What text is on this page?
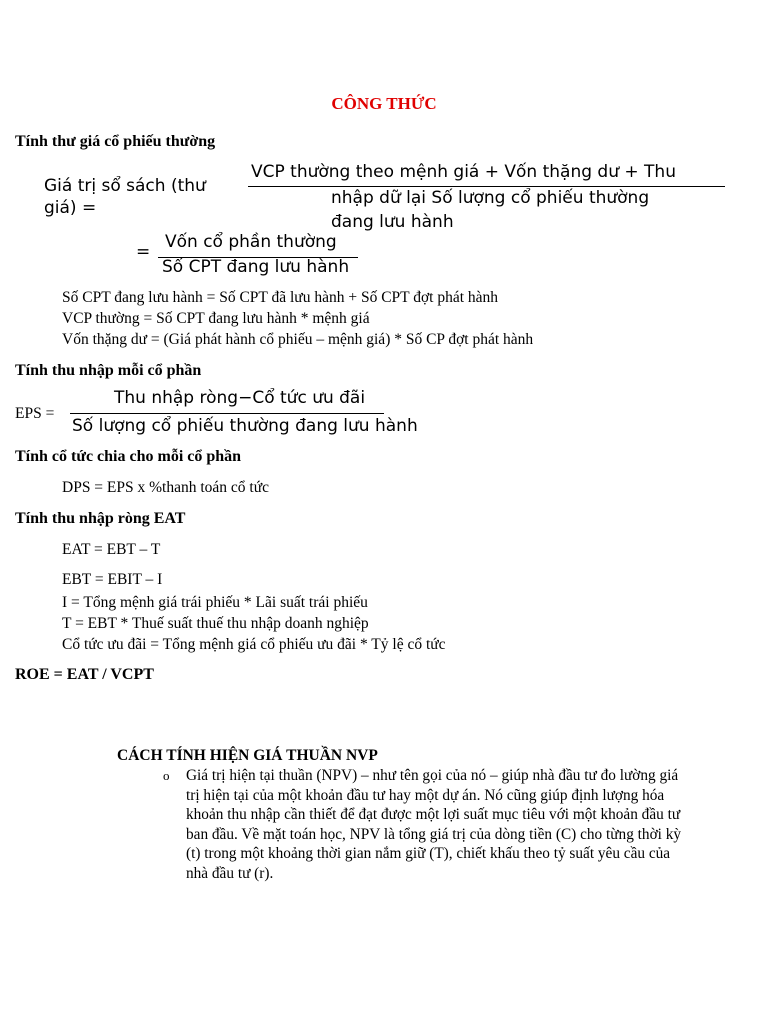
CÔNG THỨC
Tính thư giá cổ phiếu thường
Giá trị sổ sách (thư
giá) =
VCP thường theo mệnh giá + Vốn thặng dư + Thu
nhập dữ lại Số lượng cổ phiếu thường
đang lưu hành
= Vốn cổ phần thường
Số CPT đang lưu hành
Số CPT đang lưu hành = Số CPT đã lưu hành + Số CPT đợt phát hành
VCP thường = Số CPT đang lưu hành * mệnh giá
Vốn thặng dư = (Giá phát hành cổ phiếu – mệnh giá) * Số CP đợt phát hành
Tính thu nhập mỗi cổ phần
EPS =
Thu nhập ròng−Cổ tức ưu đãi
Số lượng cổ phiếu thường đang lưu hành
Tính cổ tức chia cho mỗi cổ phần
DPS = EPS x %thanh toán cổ tức
Tính thu nhập ròng EAT
EAT = EBT – T
EBT = EBIT – I
I = Tổng mệnh giá trái phiếu * Lãi suất trái phiếu
T = EBT * Thuế suất thuế thu nhập doanh nghiệp
Cổ tức ưu đãi = Tổng mệnh giá cổ phiếu ưu đãi * Tỷ lệ cổ tức
ROE = EAT / VCPT
CÁCH TÍNH HIỆN GIÁ THUẦN NVP
o Giá trị hiện tại thuần (NPV) – như tên gọi của nó – giúp nhà đầu tư đo lường giá trị hiện tại của một khoản đầu tư hay một dự án. Nó cũng giúp định lượng hóa khoản thu nhập cần thiết để đạt được một lợi suất mục tiêu với một khoản đầu tư ban đầu. Về mặt toán học, NPV là tổng giá trị của dòng tiền (C) cho từng thời kỳ (t) trong một khoảng thời gian nắm giữ (T), chiết khấu theo tỷ suất yêu cầu của nhà đầu tư (r).
